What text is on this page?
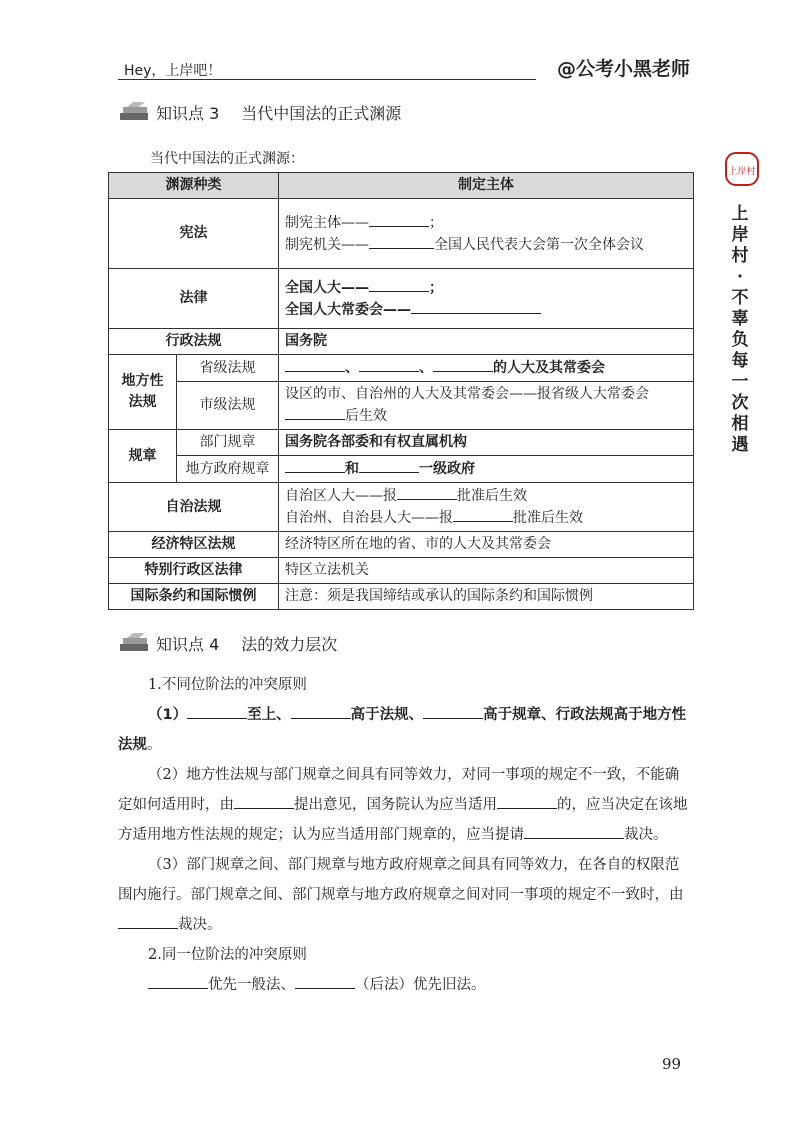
Hey，上岸吧！	@公考小黑老师
上岸村
上
岸
村
·
不
辜
负
每
一
次
相
遇
知识点 3 当代中国法的正式渊源
当代中国法的正式渊源：
渊源种类		制定主体
宪法		制宪主体—— ；
制宪机关—— 全国人民代表大会第一次全体会议
法律		全国人大—— ；
全国人大常委会——
行政法规		国务院
地方性法规	省级法规	、 、 的人大及其常委会
	市级法规	设区的市、自治州的人大及其常委会——报省级人大常委会后生效
规章	部门规章	国务院各部委和有权直属机构
	地方政府规章	和 一级政府
自治法规		自治区人大——报 批准后生效
自治州、自治县人大——报 批准后生效
经济特区法规		经济特区所在地的省、市的人大及其常委会
特别行政区法律		特区立法机关
国际条约和国际惯例		注意：须是我国缔结或承认的国际条约和国际惯例
知识点 4 法的效力层次

1.不同位阶法的冲突原则

（1）	至上、	高于法规、	高于规章、行政法规高于地方性法规。

（2）地方性法规与部门规章之间具有同等效力，对同一事项的规定不一致，不能确定如何适用时，由	提出意见，国务院认为应当适用	的，应当决定在该地方适用地方性法规的规定；认为应当适用部门规章的，应当提请	裁决。

（3）部门规章之间、部门规章与地方政府规章之间具有同等效力，在各自的权限范围内施行。部门规章之间、部门规章与地方政府规章之间对同一事项的规定不一致时，由裁决。

2.同一位阶法的冲突原则

优先一般法、	（后法）优先旧法。

99
